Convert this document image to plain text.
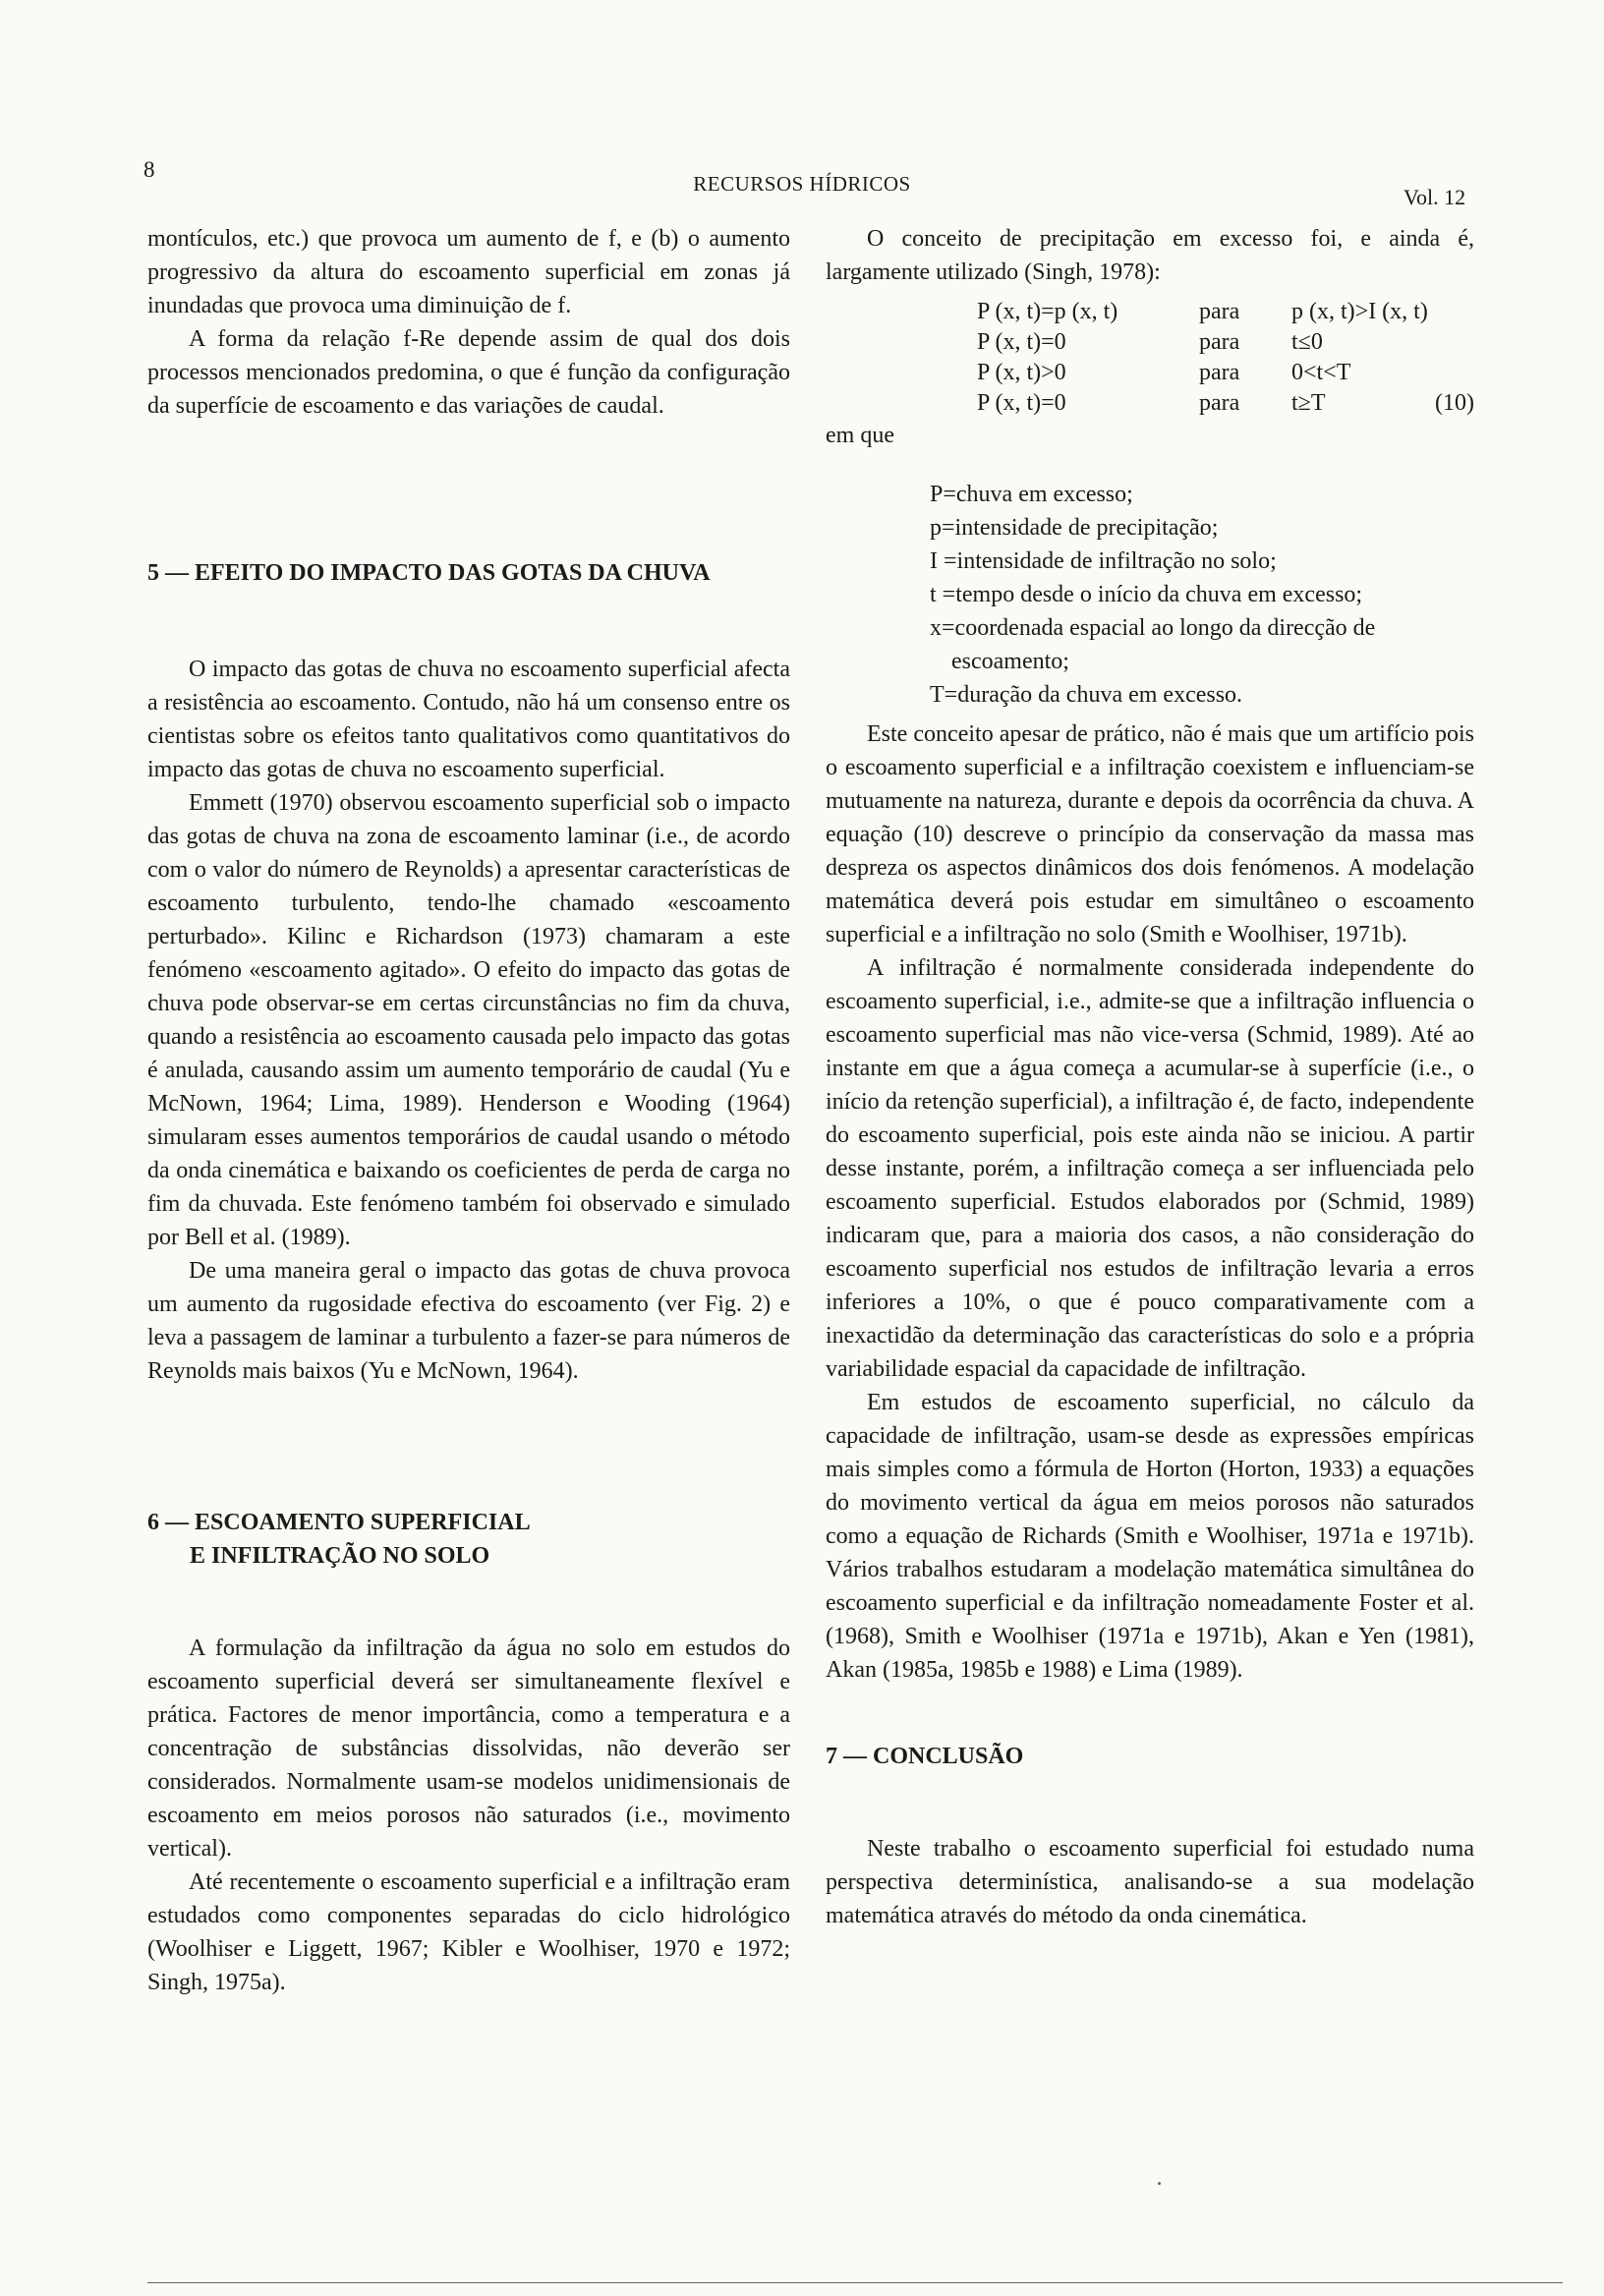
8
RECURSOS HÍDRICOS
Vol. 12

montículos, etc.) que provoca um aumento de f, e (b) o aumento progressivo da altura do escoamento superficial em zonas já inundadas que provoca uma diminuição de f.

A forma da relação f-Re depende assim de qual dos dois processos mencionados predomina, o que é função da configuração da superfície de escoamento e das variações de caudal.

5 — EFEITO DO IMPACTO DAS GOTAS DA CHUVA

O impacto das gotas de chuva no escoamento superficial afecta a resistência ao escoamento. Contudo, não há um consenso entre os cientistas sobre os efeitos tanto qualitativos como quantitativos do impacto das gotas de chuva no escoamento superficial.

Emmett (1970) observou escoamento superficial sob o impacto das gotas de chuva na zona de escoamento laminar (i.e., de acordo com o valor do número de Reynolds) a apresentar características de escoamento turbulento, tendo-lhe chamado «escoamento perturbado». Kilinc e Richardson (1973) chamaram a este fenómeno «escoamento agitado». O efeito do impacto das gotas de chuva pode observar-se em certas circunstâncias no fim da chuva, quando a resistência ao escoamento causada pelo impacto das gotas é anulada, causando assim um aumento temporário de caudal (Yu e McNown, 1964; Lima, 1989). Henderson e Wooding (1964) simularam esses aumentos temporários de caudal usando o método da onda cinemática e baixando os coeficientes de perda de carga no fim da chuvada. Este fenómeno também foi observado e simulado por Bell et al. (1989).

De uma maneira geral o impacto das gotas de chuva provoca um aumento da rugosidade efectiva do escoamento (ver Fig. 2) e leva a passagem de laminar a turbulento a fazer-se para números de Reynolds mais baixos (Yu e McNown, 1964).

6 — ESCOAMENTO SUPERFICIAL
E INFILTRAÇÃO NO SOLO

A formulação da infiltração da água no solo em estudos do escoamento superficial deverá ser simultaneamente flexível e prática. Factores de menor importância, como a temperatura e a concentração de substâncias dissolvidas, não deverão ser considerados. Normalmente usam-se modelos unidimensionais de escoamento em meios porosos não saturados (i.e., movimento vertical).

Até recentemente o escoamento superficial e a infiltração eram estudados como componentes separadas do ciclo hidrológico (Woolhiser e Liggett, 1967; Kibler e Woolhiser, 1970 e 1972; Singh, 1975a).

O conceito de precipitação em excesso foi, e ainda é, largamente utilizado (Singh, 1978):

P (x, t)=p (x, t)	para	p (x, t)>I (x, t)	
P (x, t)=0	para	t≤0	
P (x, t)>0	para	0<t<T	
P (x, t)=0	para	t≥T	(10)

em que

P=chuva em excesso;

p=intensidade de precipitação;

I =intensidade de infiltração no solo;

t =tempo desde o início da chuva em excesso;

x=coordenada espacial ao longo da direcção de escoamento;

T=duração da chuva em excesso.

Este conceito apesar de prático, não é mais que um artifício pois o escoamento superficial e a infiltração coexistem e influenciam-se mutuamente na natureza, durante e depois da ocorrência da chuva. A equação (10) descreve o princípio da conservação da massa mas despreza os aspectos dinâmicos dos dois fenómenos. A modelação matemática deverá pois estudar em simultâneo o escoamento superficial e a infiltração no solo (Smith e Woolhiser, 1971b).

A infiltração é normalmente considerada independente do escoamento superficial, i.e., admite-se que a infiltração influencia o escoamento superficial mas não vice-versa (Schmid, 1989). Até ao instante em que a água começa a acumular-se à superfície (i.e., o início da retenção superficial), a infiltração é, de facto, independente do escoamento superficial, pois este ainda não se iniciou. A partir desse instante, porém, a infiltração começa a ser influenciada pelo escoamento superficial. Estudos elaborados por (Schmid, 1989) indicaram que, para a maioria dos casos, a não consideração do escoamento superficial nos estudos de infiltração levaria a erros inferiores a 10%, o que é pouco comparativamente com a inexactidão da determinação das características do solo e a própria variabilidade espacial da capacidade de infiltração.

Em estudos de escoamento superficial, no cálculo da capacidade de infiltração, usam-se desde as expressões empíricas mais simples como a fórmula de Horton (Horton, 1933) a equações do movimento vertical da água em meios porosos não saturados como a equação de Richards (Smith e Woolhiser, 1971a e 1971b). Vários trabalhos estudaram a modelação matemática simultânea do escoamento superficial e da infiltração nomeadamente Foster et al. (1968), Smith e Woolhiser (1971a e 1971b), Akan e Yen (1981), Akan (1985a, 1985b e 1988) e Lima (1989).

7 — CONCLUSÃO

Neste trabalho o escoamento superficial foi estudado numa perspectiva determinística, analisando-se a sua modelação matemática através do método da onda cinemática.
